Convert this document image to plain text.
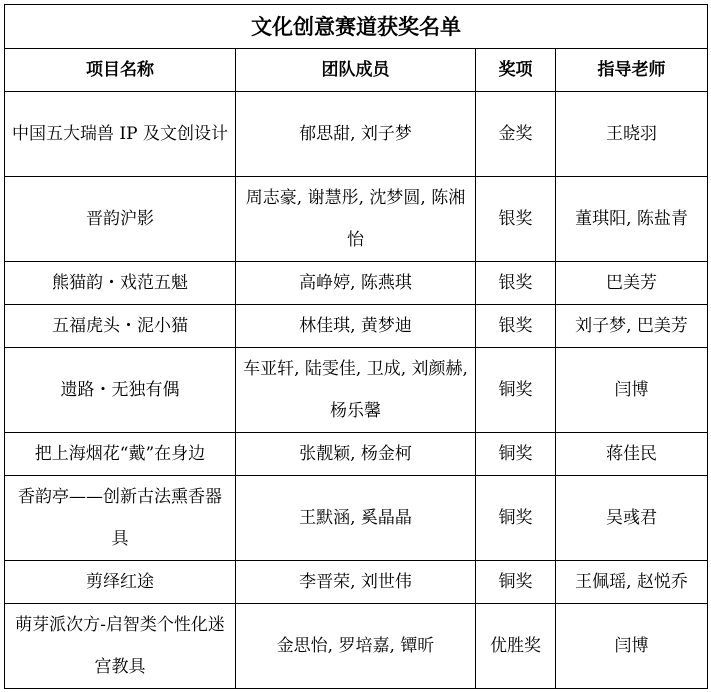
文化创意赛道获奖名单			
项目名称	团队成员	奖项	指导老师
中国五大瑞兽 IP 及文创设计	郁思甜, 刘子梦	金奖	王晓羽
晋韵沪影	周志豪, 谢慧彤, 沈梦圆, 陈湘怡	银奖	董琪阳, 陈盐青
熊猫韵・戏范五魁	高峥婷, 陈燕琪	银奖	巴美芳
五福虎头・泥小猫	林佳琪, 黄梦迪	银奖	刘子梦, 巴美芳
遗路・无独有偶	车亚轩, 陆雯佳, 卫成, 刘颜赫, 杨乐馨	铜奖	闫博
把上海烟花“戴”在身边	张靓颖, 杨金柯	铜奖	蒋佳民
香韵亭——创新古法熏香器具	王默涵, 奚晶晶	铜奖	吴彧君
剪绎红途	李晋荣, 刘世伟	铜奖	王佩瑶, 赵悦乔
萌芽派次方-启智类个性化迷宫教具	金思怡, 罗培嘉, 镡昕	优胜奖	闫博
